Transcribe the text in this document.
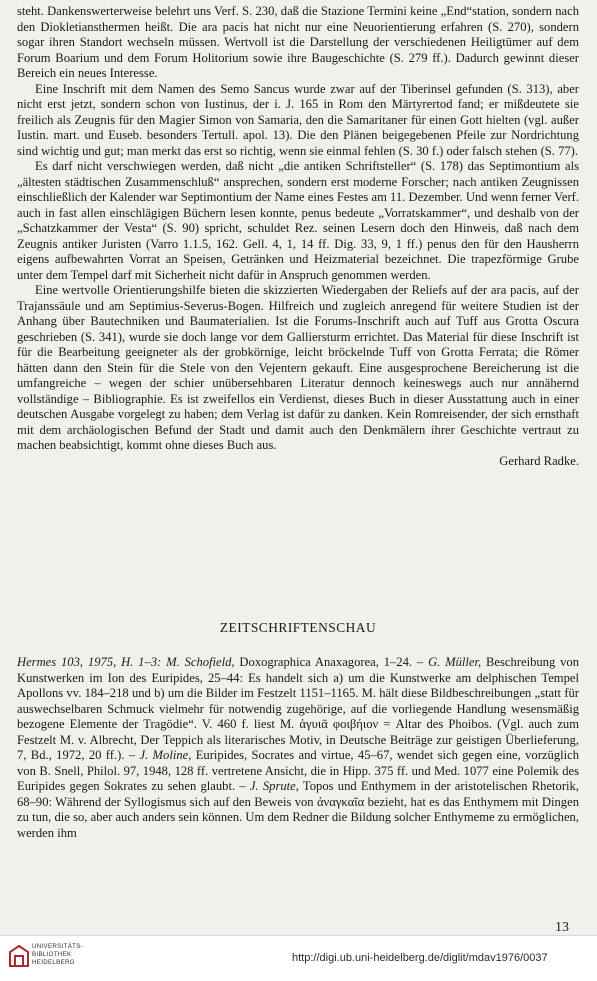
steht. Dankenswerterweise belehrt uns Verf. S. 230, daß die Stazione Termini keine „End“station, sondern nach den Diokletiansthermen heißt. Die ara pacis hat nicht nur eine Neuorientierung erfahren (S. 270), sondern sogar ihren Standort wechseln müssen. Wertvoll ist die Darstellung der verschiedenen Heiligtümer auf dem Forum Boarium und dem Forum Holitorium sowie ihre Baugeschichte (S. 279 ff.). Dadurch gewinnt dieser Bereich ein neues Interesse.

Eine Inschrift mit dem Namen des Semo Sancus wurde zwar auf der Tiberinsel gefunden (S. 313), aber nicht erst jetzt, sondern schon von Iustinus, der i. J. 165 in Rom den Märtyrertod fand; er mißdeutete sie freilich als Zeugnis für den Magier Simon von Samaria, den die Samaritaner für einen Gott hielten (vgl. außer Iustin. mart. und Euseb. besonders Tertull. apol. 13). Die den Plänen beigegebenen Pfeile zur Nordrichtung sind wichtig und gut; man merkt das erst so richtig, wenn sie einmal fehlen (S. 30 f.) oder falsch stehen (S. 77).

Es darf nicht verschwiegen werden, daß nicht „die antiken Schriftsteller“ (S. 178) das Septimontium als „ältesten städtischen Zusammenschluß“ ansprechen, sondern erst moderne Forscher; nach antiken Zeugnissen einschließlich der Kalender war Septimontium der Name eines Festes am 11. Dezember. Und wenn ferner Verf. auch in fast allen einschlägigen Büchern lesen konnte, penus bedeute „Vorratskammer“, und deshalb von der „Schatzkammer der Vesta“ (S. 90) spricht, schuldet Rez. seinen Lesern doch den Hinweis, daß nach dem Zeugnis antiker Juristen (Varro 1.1.5, 162. Gell. 4, 1, 14 ff. Dig. 33, 9, 1 ff.) penus den für den Hausherrn eigens aufbewahrten Vorrat an Speisen, Getränken und Heizmaterial bezeichnet. Die trapezförmige Grube unter dem Tempel darf mit Sicherheit nicht dafür in Anspruch genommen werden.

Eine wertvolle Orientierungshilfe bieten die skizzierten Wiedergaben der Reliefs auf der ara pacis, auf der Trajanssäule und am Septimius-Severus-Bogen. Hilfreich und zugleich anregend für weitere Studien ist der Anhang über Bautechniken und Baumaterialien. Ist die Forums-Inschrift auch auf Tuff aus Grotta Oscura geschrieben (S. 341), wurde sie doch lange vor dem Galliersturm errichtet. Das Material für diese Inschrift ist für die Bearbeitung geeigneter als der grobkörnige, leicht bröckelnde Tuff von Grotta Ferrata; die Römer hätten dann den Stein für die Stele von den Vejentern gekauft. Eine ausgesprochene Bereicherung ist die umfangreiche – wegen der schier unübersehbaren Literatur dennoch keineswegs auch nur annähernd vollständige – Bibliographie. Es ist zweifellos ein Verdienst, dieses Buch in dieser Ausstattung auch in einer deutschen Ausgabe vorgelegt zu haben; dem Verlag ist dafür zu danken. Kein Romreisender, der sich ernsthaft mit dem archäologischen Befund der Stadt und damit auch den Denkmälern ihrer Geschichte vertraut zu machen beabsichtigt, kommt ohne dieses Buch aus.

Gerhard Radke.

ZEITSCHRIFTENSCHAU

Hermes 103, 1975, H. 1–3: M. Schofield, Doxographica Anaxagorea, 1–24. – G. Müller, Beschreibung von Kunstwerken im Ion des Euripides, 25–44: Es handelt sich a) um die Kunstwerke am delphischen Tempel Apollons vv. 184–218 und b) um die Bilder im Festzelt 1151–1165. M. hält diese Bildbeschreibungen „statt für auswechselbaren Schmuck vielmehr für notwendig zugehörige, auf die vorliegende Handlung wesensmäßig bezogene Elemente der Tragödie“. V. 460 f. liest M. ἀγυιᾶ φοιβήιον = Altar des Phoibos. (Vgl. auch zum Festzelt M. v. Albrecht, Der Teppich als literarisches Motiv, in Deutsche Beiträge zur geistigen Überlieferung, 7, Bd., 1972, 20 ff.). – J. Moline, Euripides, Socrates and virtue, 45–67, wendet sich gegen eine, vorzüglich von B. Snell, Philol. 97, 1948, 128 ff. vertretene Ansicht, die in Hipp. 375 ff. und Med. 1077 eine Polemik des Euripides gegen Sokrates zu sehen glaubt. – J. Sprute, Topos und Enthymem in der aristotelischen Rhetorik, 68–90: Während der Syllogismus sich auf den Beweis von ἀναγκαῖα bezieht, hat es das Enthymem mit Dingen zu tun, die so, aber auch anders sein können. Um dem Redner die Bildung solcher Enthymeme zu ermöglichen, werden ihm

13
UNIVERSITÄTS-
BIBLIOTHEK
HEIDELBERG	http://digi.ub.uni-heidelberg.de/diglit/mdav1976/0037
